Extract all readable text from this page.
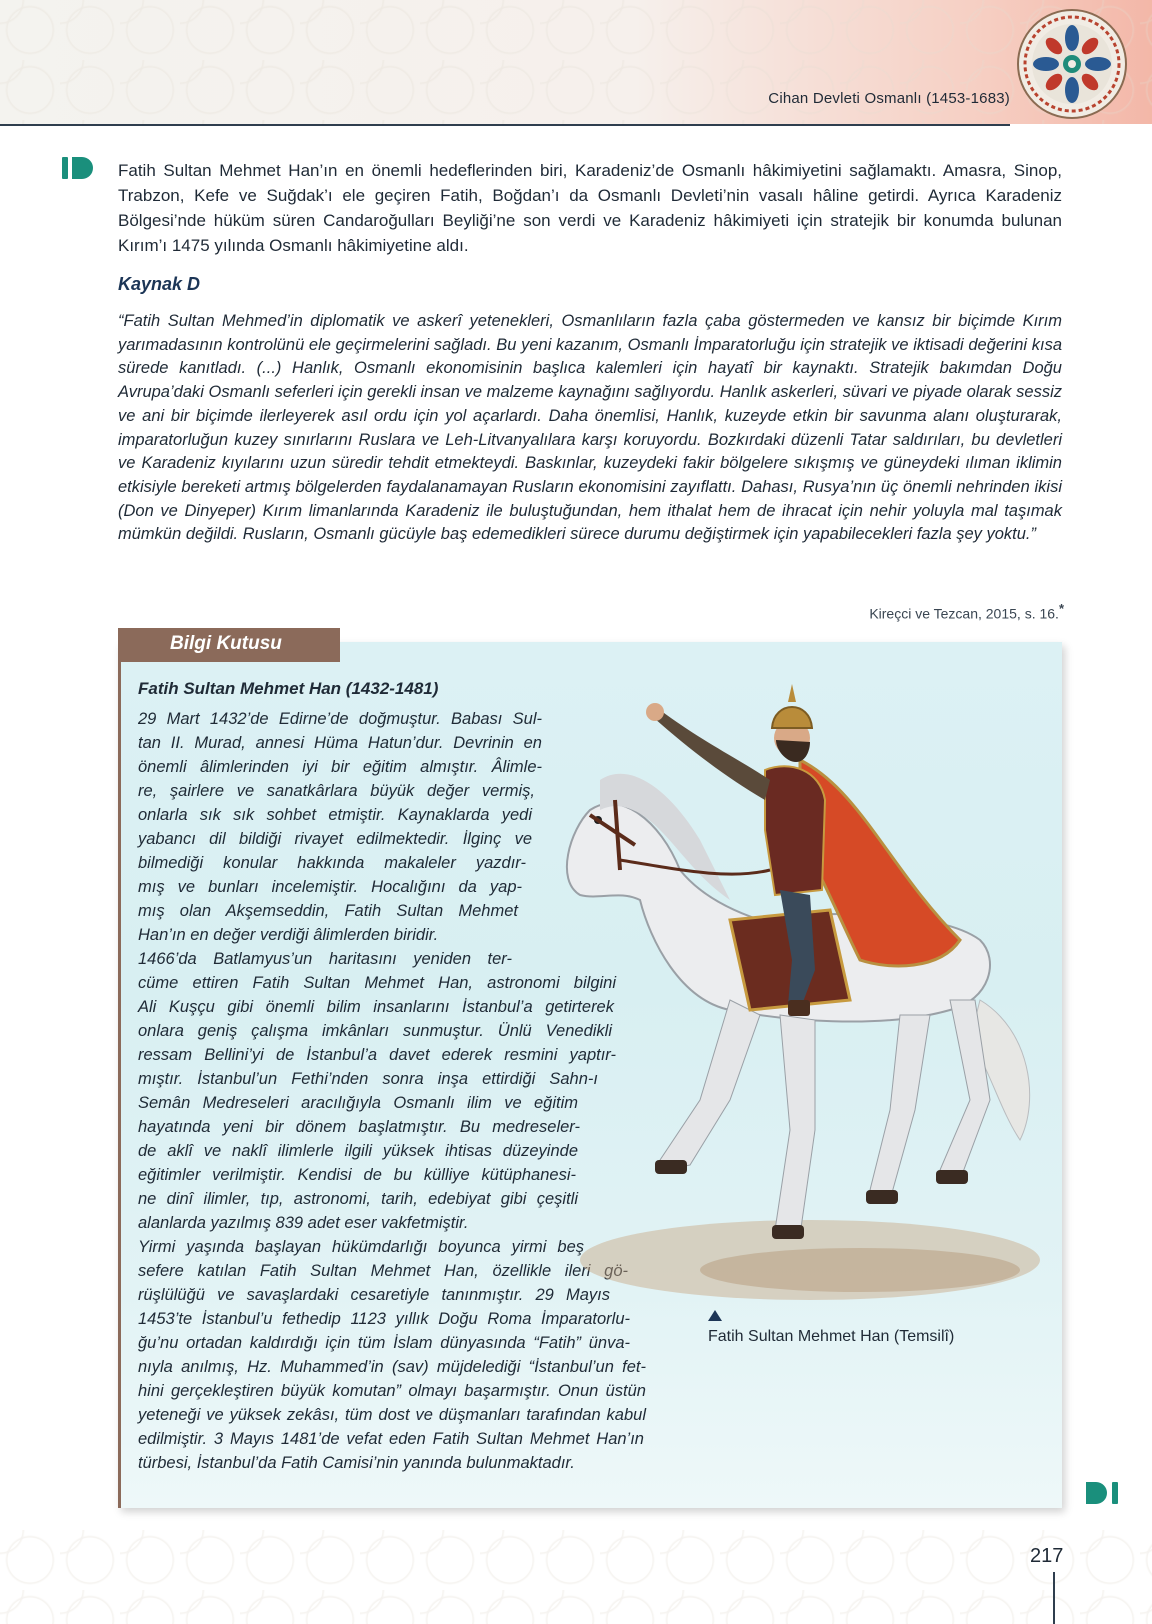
Cihan Devleti Osmanlı (1453-1683)

Fatih Sultan Mehmet Han’ın en önemli hedeflerinden biri, Karadeniz’de Osmanlı hâkimiyetini sağlamaktı. Amasra, Sinop, Trabzon, Kefe ve Suğdak’ı ele geçiren Fatih, Boğdan’ı da Osmanlı Devleti’nin vasalı hâline getirdi. Ayrıca Karadeniz Bölgesi’nde hüküm süren Candaroğulları Beyliği’ne son verdi ve Karadeniz hâkimiyeti için stratejik bir konumda bulunan Kırım’ı 1475 yılında Osmanlı hâkimiyetine aldı.

Kaynak D

“Fatih Sultan Mehmed’in diplomatik ve askerî yetenekleri, Osmanlıların fazla çaba göstermeden ve kansız bir biçimde Kırım yarımadasının kontrolünü ele geçirmelerini sağladı. Bu yeni kazanım, Osmanlı İmparatorluğu için stratejik ve iktisadi değerini kısa sürede kanıtladı. (...) Hanlık, Osmanlı ekonomisinin başlıca kalemleri için hayatî bir kaynaktı. Stratejik bakımdan Doğu Avrupa’daki Osmanlı seferleri için gerekli insan ve malzeme kaynağını sağlıyordu. Hanlık askerleri, süvari ve piyade olarak sessiz ve ani bir biçimde ilerleyerek asıl ordu için yol açarlardı. Daha önemlisi, Hanlık, kuzeyde etkin bir savunma alanı oluşturarak, imparatorluğun kuzey sınırlarını Ruslara ve Leh-Litvanyalılara karşı koruyordu. Bozkırdaki düzenli Tatar saldırıları, bu devletleri ve Karadeniz kıyılarını uzun süredir tehdit etmekteydi. Baskınlar, kuzeydeki fakir bölgelere sıkışmış ve güneydeki ılıman iklimin etkisiyle bereketi artmış bölgelerden faydalanamayan Rusların ekonomisini zayıflattı. Dahası, Rusya’nın üç önemli nehrinden ikisi (Don ve Dinyeper) Kırım limanlarında Karadeniz ile buluştuğundan, hem ithalat hem de ihracat için nehir yoluyla mal taşımak mümkün değildi. Rusların, Osmanlı gücüyle baş edemedikleri sürece durumu değiştirmek için yapabilecekleri fazla şey yoktu.”

Kireçci ve Tezcan, 2015, s. 16.*
Bilgi Kutusu
Fatih Sultan Mehmet Han (1432-1481)
29 Mart 1432’de Edirne’de doğmuştur. Babası Sul-
tan II. Murad, annesi Hüma Hatun’dur. Devrinin en
önemli âlimlerinden iyi bir eğitim almıştır. Âlimle-
re, şairlere ve sanatkârlara büyük değer vermiş,
onlarla sık sık sohbet etmiştir. Kaynaklarda yedi
yabancı dil bildiği rivayet edilmektedir. İlginç ve
bilmediği konular hakkında makaleler yazdır-
mış ve bunları incelemiştir. Hocalığını da yap-
mış olan Akşemseddin, Fatih Sultan Mehmet
Han’ın en değer verdiği âlimlerden biridir.
1466’da Batlamyus’un haritasını yeniden ter-
cüme ettiren Fatih Sultan Mehmet Han, astronomi bilgini
Ali Kuşçu gibi önemli bilim insanlarını İstanbul’a getirterek
onlara geniş çalışma imkânları sunmuştur. Ünlü Venedikli
ressam Bellini’yi de İstanbul’a davet ederek resmini yaptır-
mıştır. İstanbul’un Fethi’nden sonra inşa ettirdiği Sahn-ı
Semân Medreseleri aracılığıyla Osmanlı ilim ve eğitim
hayatında yeni bir dönem başlatmıştır. Bu medreseler-
de aklî ve naklî ilimlerle ilgili yüksek ihtisas düzeyinde
eğitimler verilmiştir. Kendisi de bu külliye kütüphanesi-
ne dinî ilimler, tıp, astronomi, tarih, edebiyat gibi çeşitli
alanlarda yazılmış 839 adet eser vakfetmiştir.
Yirmi yaşında başlayan hükümdarlığı boyunca yirmi beş
sefere katılan Fatih Sultan Mehmet Han, özellikle ileri gö-
rüşlülüğü ve savaşlardaki cesaretiyle tanınmıştır. 29 Mayıs
1453’te İstanbul’u fethedip 1123 yıllık Doğu Roma İmparatorlu-
ğu’nu ortadan kaldırdığı için tüm İslam dünyasında “Fatih” ünva-
nıyla anılmış, Hz. Muhammed’in (sav) müjdelediği “İstanbul’un fet-
hini gerçekleştiren büyük komutan” olmayı başarmıştır. Onun üstün
yeteneği ve yüksek zekâsı, tüm dost ve düşmanları tarafından kabul
edilmiştir. 3 Mayıs 1481’de vefat eden Fatih Sultan Mehmet Han’ın
türbesi, İstanbul’da Fatih Camisi’nin yanında bulunmaktadır.
Fatih Sultan Mehmet Han (Temsilî)
217
